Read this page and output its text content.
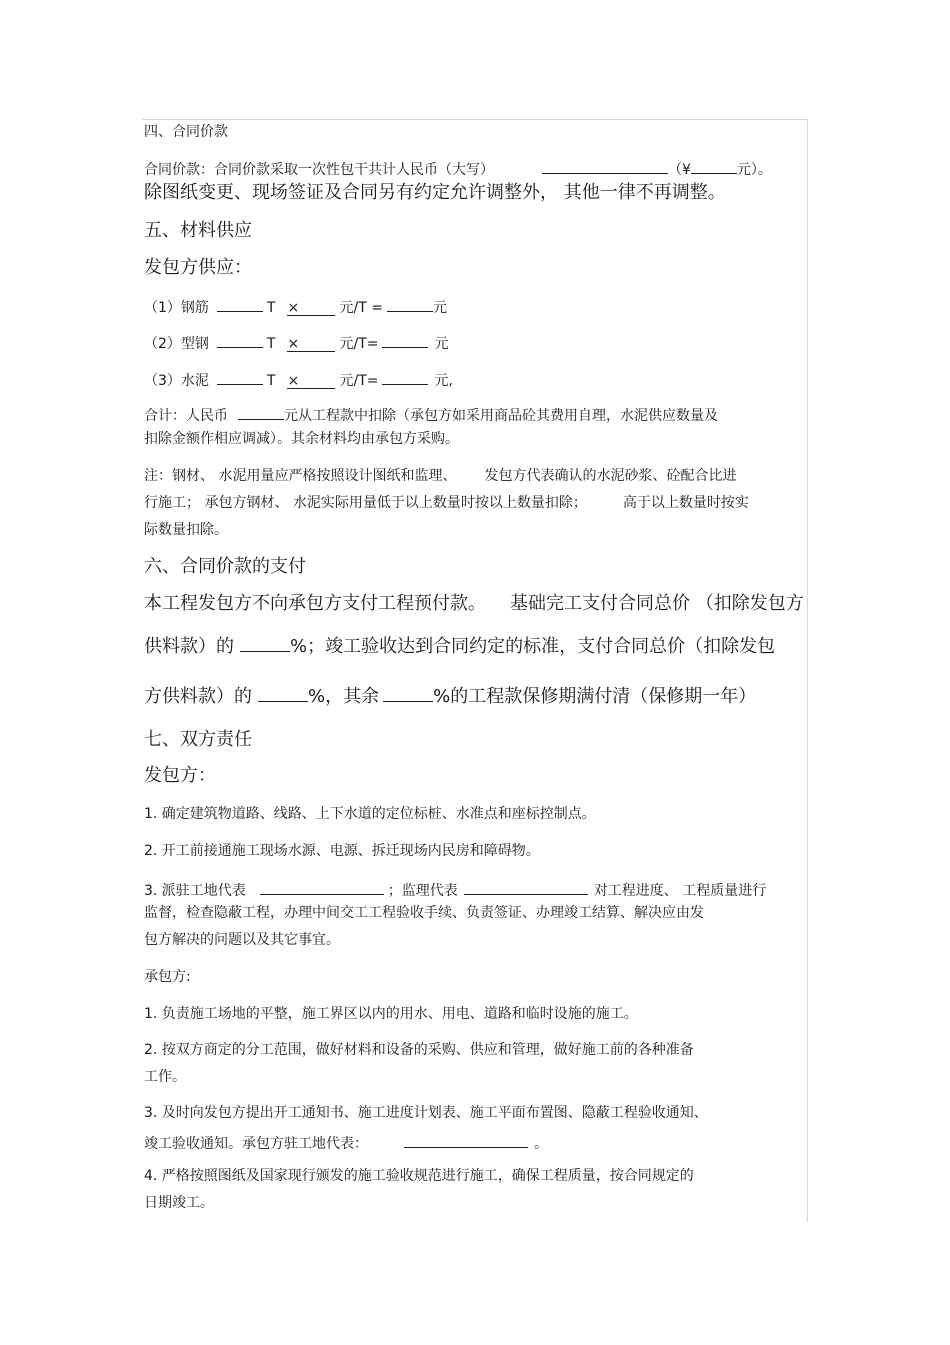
四、合同价款
合同价款：合同价款采取一次性包干共计人民币（大写）	（¥	元）。
除图纸变更、现场签证及合同另有约定允许调整外， 其他一律不再调整。
五、材料供应
发包方供应：
（1）钢筋	T ×	元/T =	元
（2）型钢	T ×	元/T=	元
（3）水泥	T ×	元/T=	元,
合计：人民币	元从工程款中扣除（承包方如采用商品砼其费用自理，水泥供应数量及
扣除金额作相应调减）。其余材料均由承包方采购。
注：钢材、 水泥用量应严格按照设计图纸和监理、 发包方代表确认的水泥砂浆、砼配合比进
行施工； 承包方钢材、 水泥实际用量低于以上数量时按以上数量扣除；	高于以上数量时按实
际数量扣除。
六、合同价款的支付
本工程发包方不向承包方支付工程预付款。 基础完工支付合同总价 （扣除发包方
供料款）的	%；竣工验收达到合同约定的标准，支付合同总价（扣除发包
方供料款）的	%，其余	%的工程款保修期满付清（保修期一年）
七、双方责任
发包方：
1. 确定建筑物道路、线路、上下水道的定位标桩、水准点和座标控制点。
2. 开工前接通施工现场水源、电源、拆迁现场内民房和障碍物。
3. 派驻工地代表	；监理代表	对工程进度、 工程质量进行
监督，检查隐蔽工程，办理中间交工工程验收手续、负责签证、办理竣工结算、解决应由发
包方解决的问题以及其它事宜。
承包方:
1. 负责施工场地的平整，施工界区以内的用水、用电、道路和临时设施的施工。
2. 按双方商定的分工范围，做好材料和设备的采购、供应和管理，做好施工前的各种准备
工作。
3. 及时向发包方提出开工通知书、施工进度计划表、施工平面布置图、隐蔽工程验收通知、
竣工验收通知。承包方驻工地代表：	。
4. 严格按照图纸及国家现行颁发的施工验收规范进行施工，确保工程质量，按合同规定的
日期竣工。
